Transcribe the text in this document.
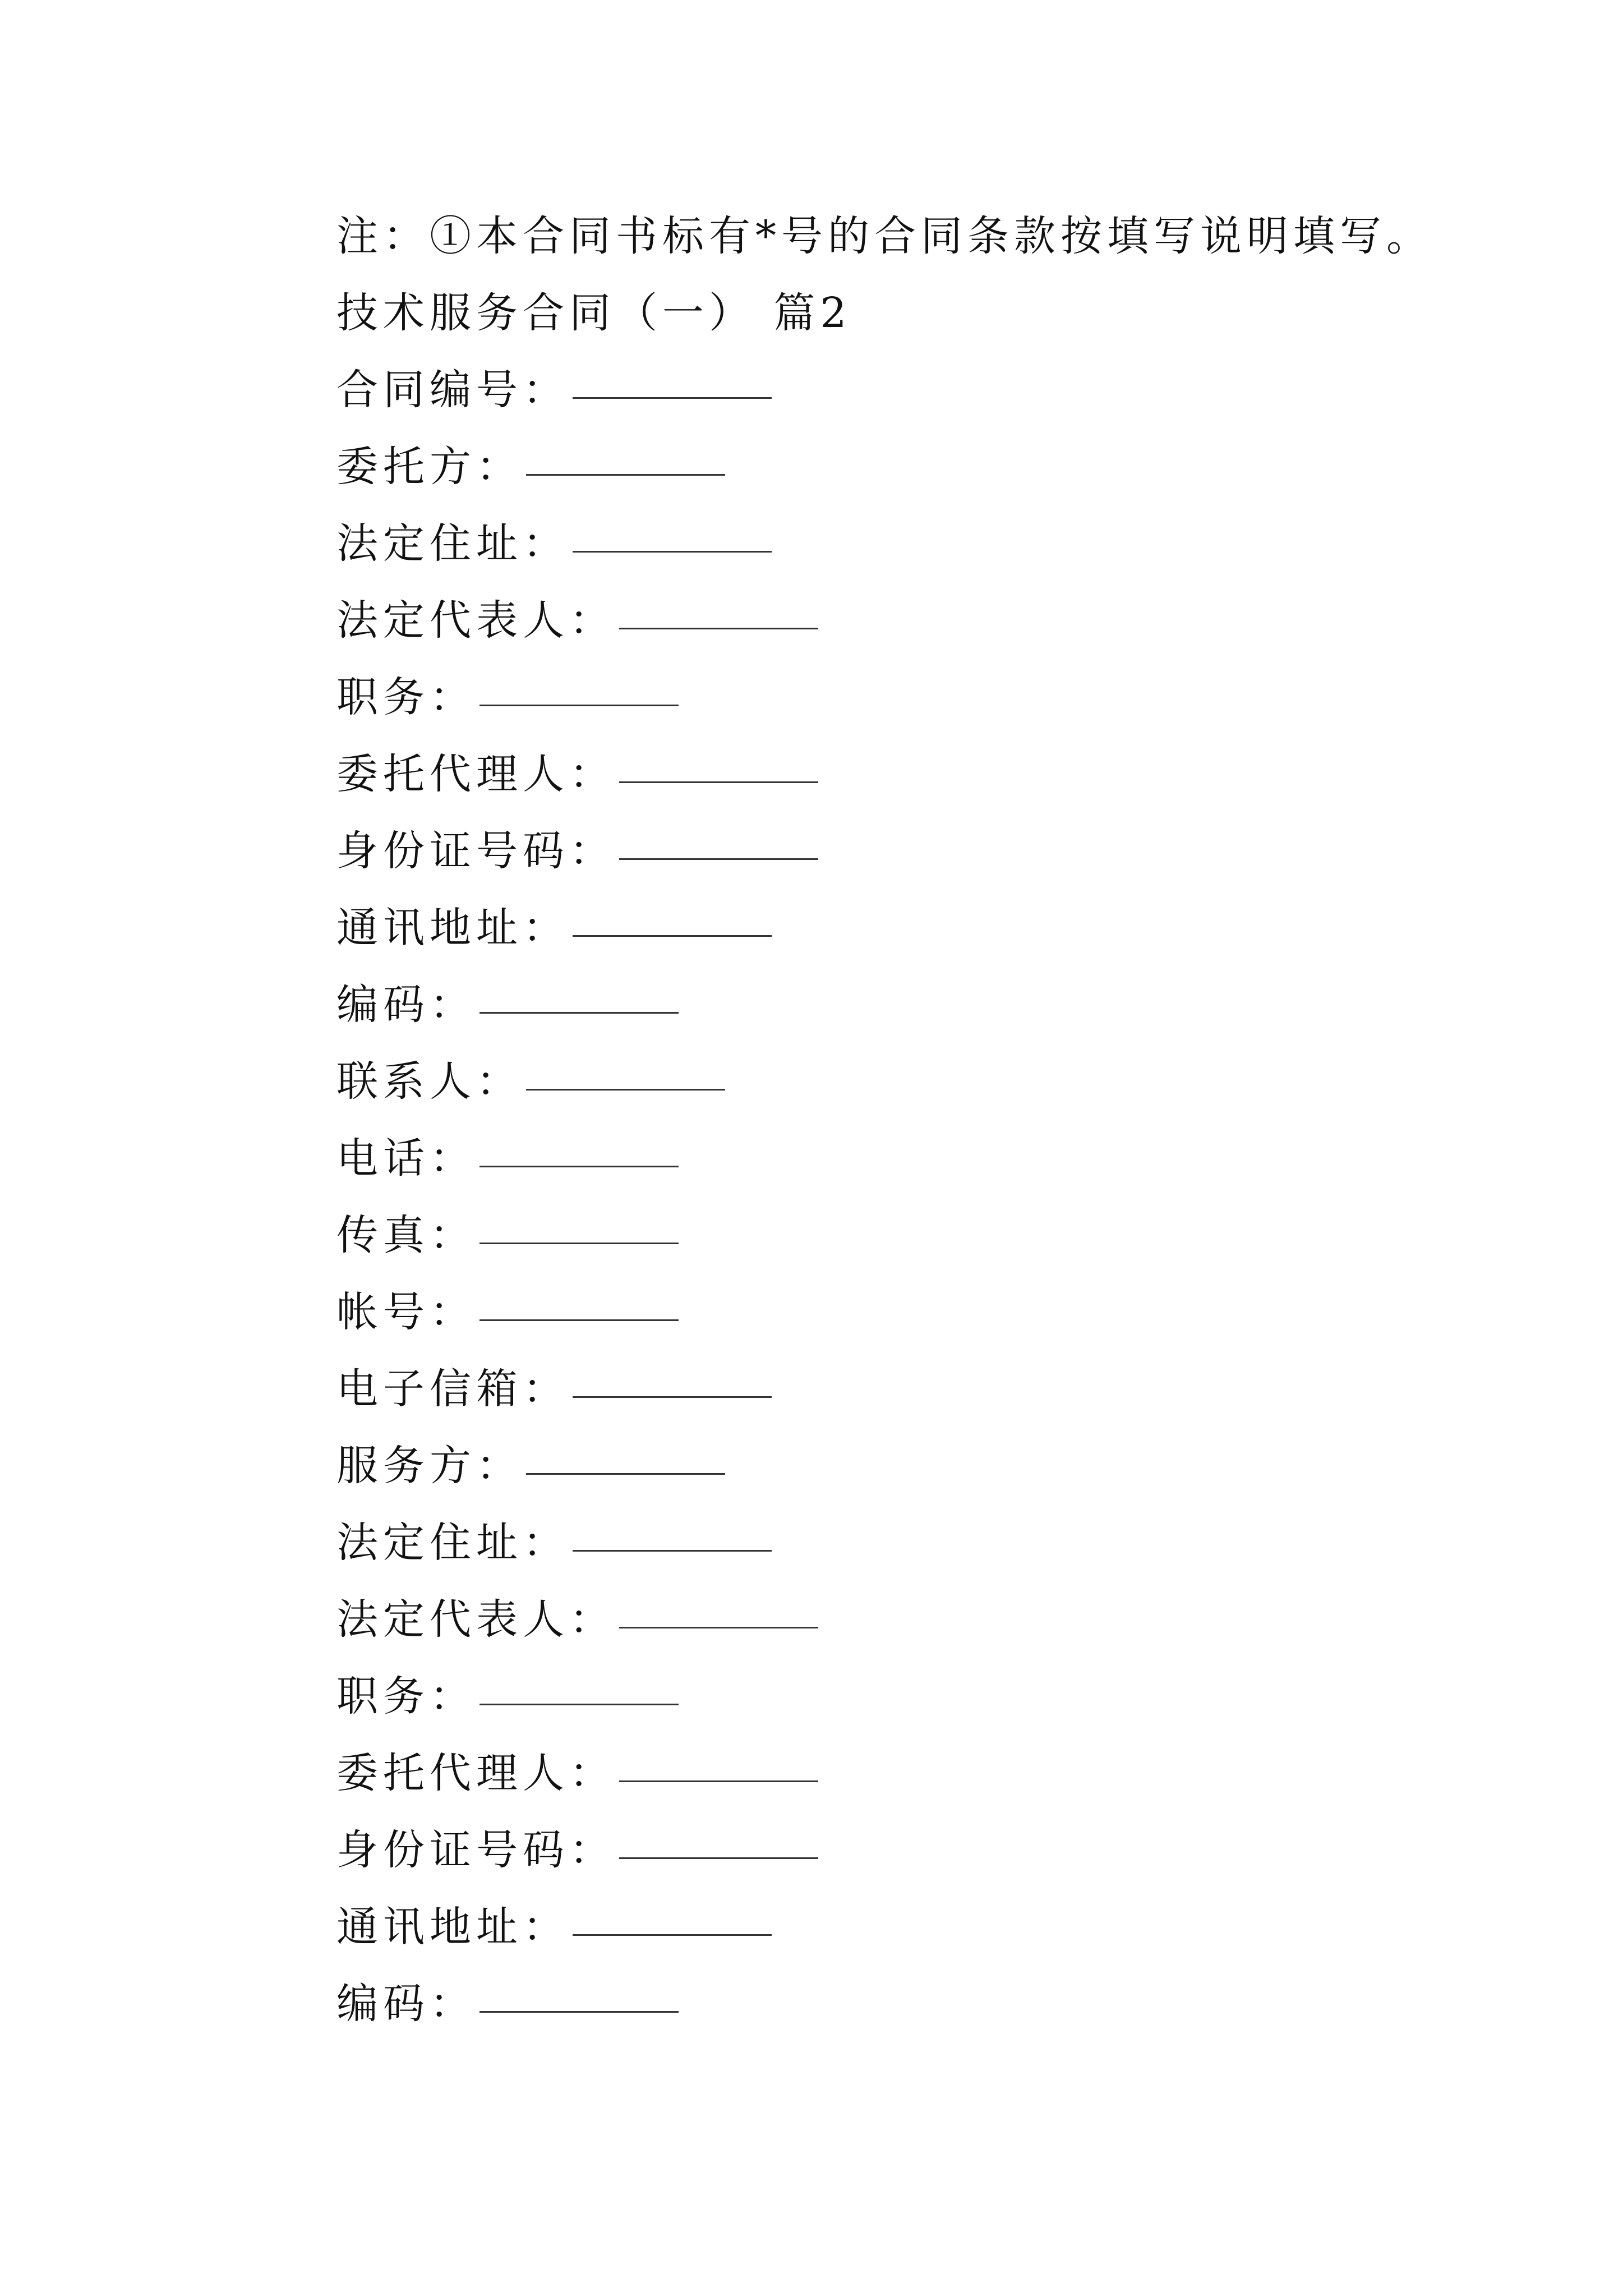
注：①本合同书标有*号的合同条款按填写说明填写。
技术服务合同（一） 篇2
合同编号：
委托方：
法定住址：
法定代表人：
职务：
委托代理人：
身份证号码：
通讯地址：
编码：
联系人：
电话：
传真：
帐号：
电子信箱：
服务方：
法定住址：
法定代表人：
职务：
委托代理人：
身份证号码：
通讯地址：
编码：
